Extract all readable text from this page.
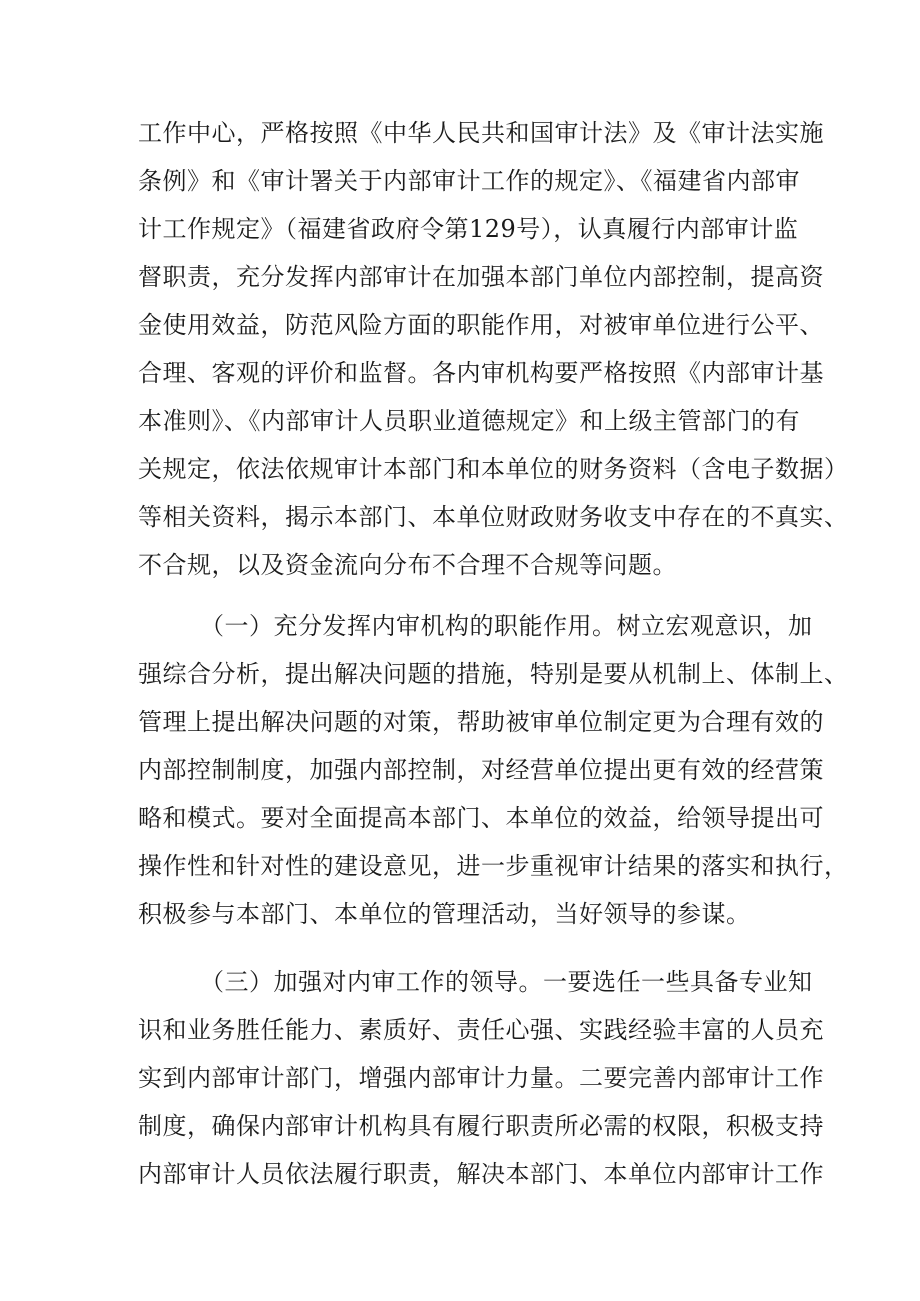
工作中心，严格按照《中华人民共和国审计法》及《审计法实施
条例》和《审计署关于内部审计工作的规定》、《福建省内部审
计工作规定》（福建省政府令第129号），认真履行内部审计监
督职责，充分发挥内部审计在加强本部门单位内部控制，提高资
金使用效益，防范风险方面的职能作用，对被审单位进行公平、
合理、客观的评价和监督。各内审机构要严格按照《内部审计基
本准则》、《内部审计人员职业道德规定》和上级主管部门的有
关规定，依法依规审计本部门和本单位的财务资料（含电子数据）
等相关资料，揭示本部门、本单位财政财务收支中存在的不真实、
不合规，以及资金流向分布不合理不合规等问题。
（一）充分发挥内审机构的职能作用。树立宏观意识，加
强综合分析，提出解决问题的措施，特别是要从机制上、体制上、
管理上提出解决问题的对策，帮助被审单位制定更为合理有效的
内部控制制度，加强内部控制，对经营单位提出更有效的经营策
略和模式。要对全面提高本部门、本单位的效益，给领导提出可
操作性和针对性的建设意见，进一步重视审计结果的落实和执行，
积极参与本部门、本单位的管理活动，当好领导的参谋。
（三）加强对内审工作的领导。一要选任一些具备专业知
识和业务胜任能力、素质好、责任心强、实践经验丰富的人员充
实到内部审计部门，增强内部审计力量。二要完善内部审计工作
制度，确保内部审计机构具有履行职责所必需的权限，积极支持
内部审计人员依法履行职责，解决本部门、本单位内部审计工作
